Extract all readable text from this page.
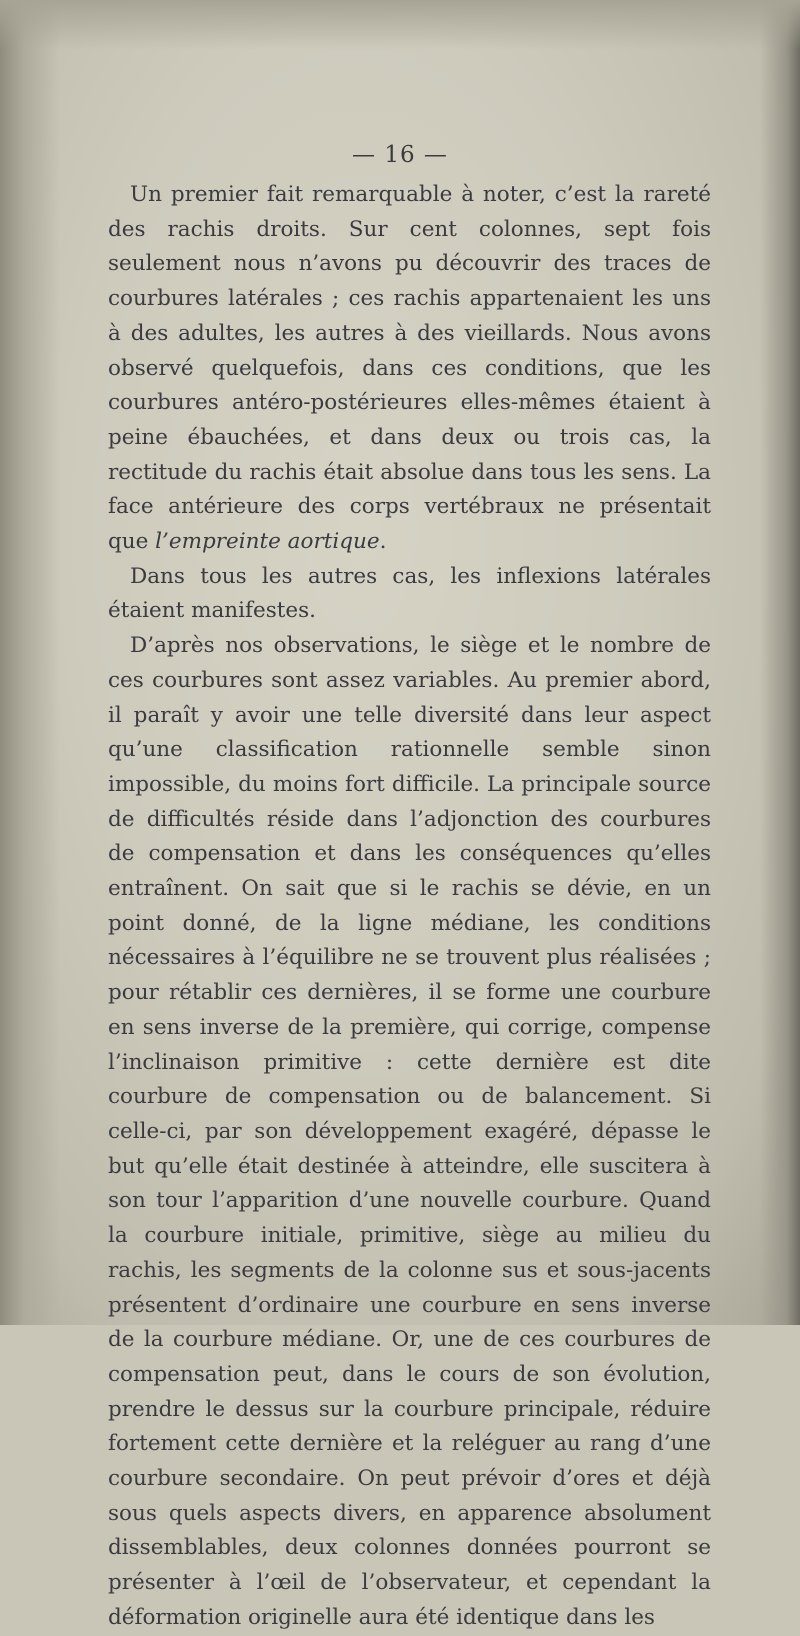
— 16 —

Un premier fait remarquable à noter, c’est la rareté des rachis droits. Sur cent colonnes, sept fois seulement nous n’avons pu découvrir des traces de courbures latérales ; ces rachis appartenaient les uns à des adultes, les autres à des vieillards. Nous avons observé quelquefois, dans ces conditions, que les courbures antéro-postérieures elles-mêmes étaient à peine ébauchées, et dans deux ou trois cas, la rectitude du rachis était absolue dans tous les sens. La face antérieure des corps vertébraux ne présentait que l’empreinte aortique.

Dans tous les autres cas, les inflexions latérales étaient manifestes.

D’après nos observations, le siège et le nombre de ces courbures sont assez variables. Au premier abord, il paraît y avoir une telle diversité dans leur aspect qu’une classification rationnelle semble sinon impossible, du moins fort difficile. La principale source de difficultés réside dans l’adjonction des courbures de compensation et dans les conséquences qu’elles entraînent. On sait que si le rachis se dévie, en un point donné, de la ligne médiane, les conditions nécessaires à l’équilibre ne se trouvent plus réalisées ; pour rétablir ces dernières, il se forme une courbure en sens inverse de la première, qui corrige, compense l’inclinaison primitive : cette dernière est dite courbure de compensation ou de balancement. Si celle-ci, par son développement exagéré, dépasse le but qu’elle était destinée à atteindre, elle suscitera à son tour l’apparition d’une nouvelle courbure. Quand la courbure initiale, primitive, siège au milieu du rachis, les segments de la colonne sus et sous-jacents présentent d’ordinaire une courbure en sens inverse de la courbure médiane. Or, une de ces courbures de compensation peut, dans le cours de son évolution, prendre le dessus sur la courbure principale, réduire fortement cette dernière et la reléguer au rang d’une courbure secondaire. On peut prévoir d’ores et déjà sous quels aspects divers, en apparence absolument dissemblables, deux colonnes données pourront se présenter à l’œil de l’observateur, et cependant la déformation originelle aura été identique dans les
